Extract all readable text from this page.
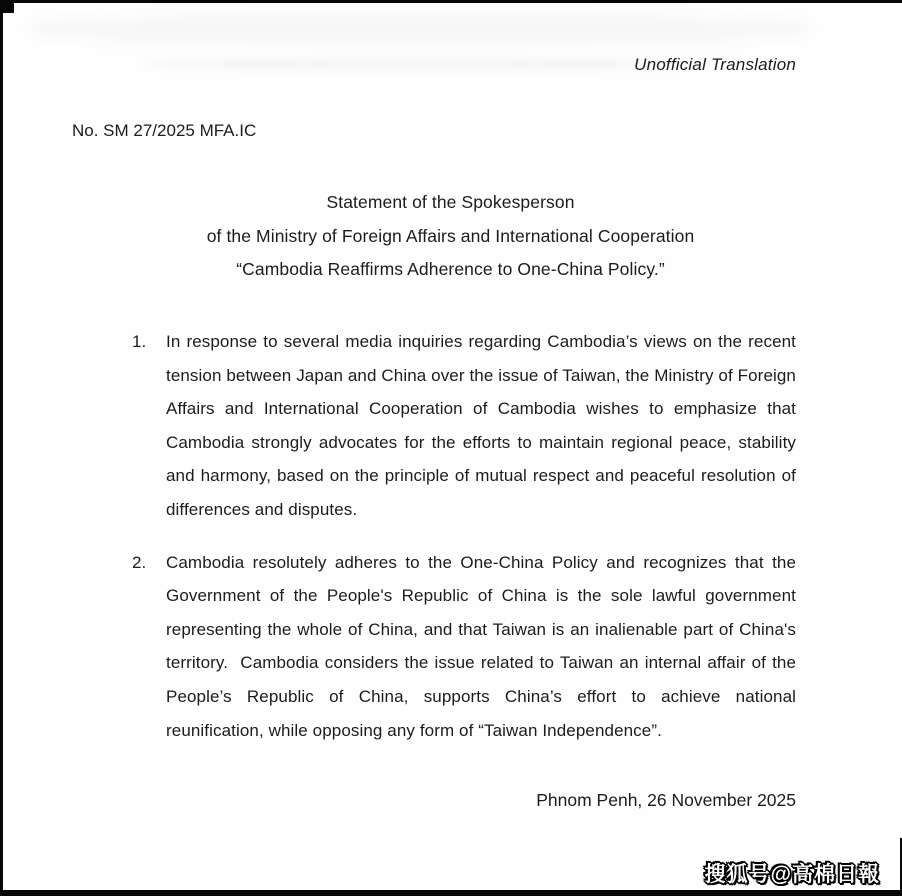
Unofficial Translation
No. SM 27/2025 MFA.IC
Statement of the Spokesperson
of the Ministry of Foreign Affairs and International Cooperation
“Cambodia Reaffirms Adherence to One-China Policy.”
1. In response to several media inquiries regarding Cambodia’s views on the recent tension between Japan and China over the issue of Taiwan, the Ministry of Foreign Affairs and International Cooperation of Cambodia wishes to emphasize that Cambodia strongly advocates for the efforts to maintain regional peace, stability and harmony, based on the principle of mutual respect and peaceful resolution of differences and disputes.
2. Cambodia resolutely adheres to the One-China Policy and recognizes that the Government of the People's Republic of China is the sole lawful government representing the whole of China, and that Taiwan is an inalienable part of China's territory.  Cambodia considers the issue related to Taiwan an internal affair of the People’s Republic of China, supports China’s effort to achieve national reunification, while opposing any form of “Taiwan Independence”.
Phnom Penh, 26 November 2025
搜狐号@高棉日報
